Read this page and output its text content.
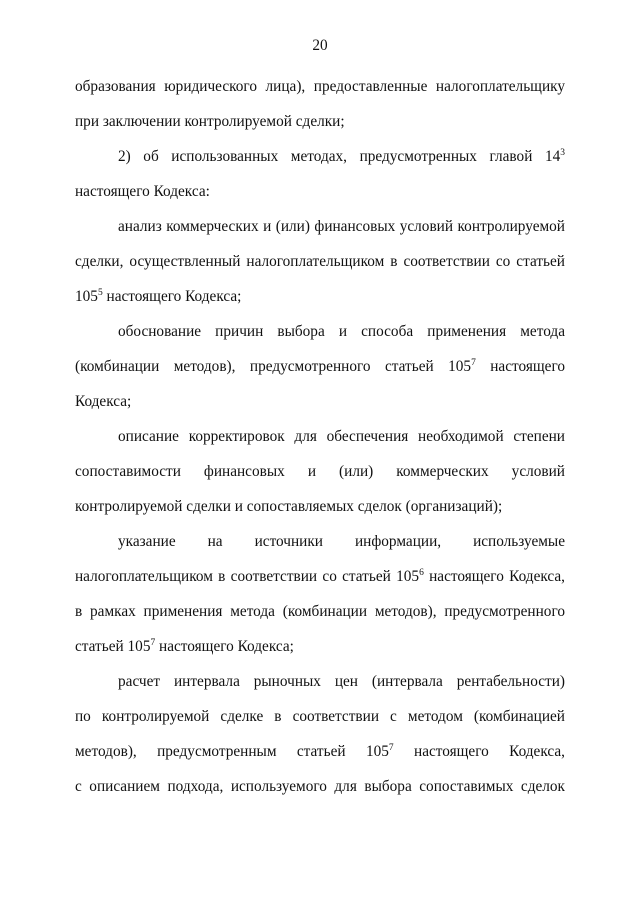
20
образования юридического лица), предоставленные налогоплательщику
при заключении контролируемой сделки;
2) об использованных методах, предусмотренных главой $14^3$
настоящего Кодекса:
анализ коммерческих и (или) финансовых условий контролируемой
сделки, осуществленный налогоплательщиком в соответствии со статьей
$105^5$ настоящего Кодекса;
обоснование причин выбора и способа применения метода
(комбинации методов), предусмотренного статьей $105^7$ настоящего
Кодекса;
описание корректировок для обеспечения необходимой степени
сопоставимости финансовых и (или) коммерческих условий
контролируемой сделки и сопоставляемых сделок (организаций);
указание на источники информации, используемые
налогоплательщиком в соответствии со статьей $105^6$ настоящего Кодекса,
в рамках применения метода (комбинации методов), предусмотренного
статьей $105^7$ настоящего Кодекса;
расчет интервала рыночных цен (интервала рентабельности)
по контролируемой сделке в соответствии с методом (комбинацией
методов), предусмотренным статьей $105^7$ настоящего Кодекса,
с описанием подхода, используемого для выбора сопоставимых сделок
